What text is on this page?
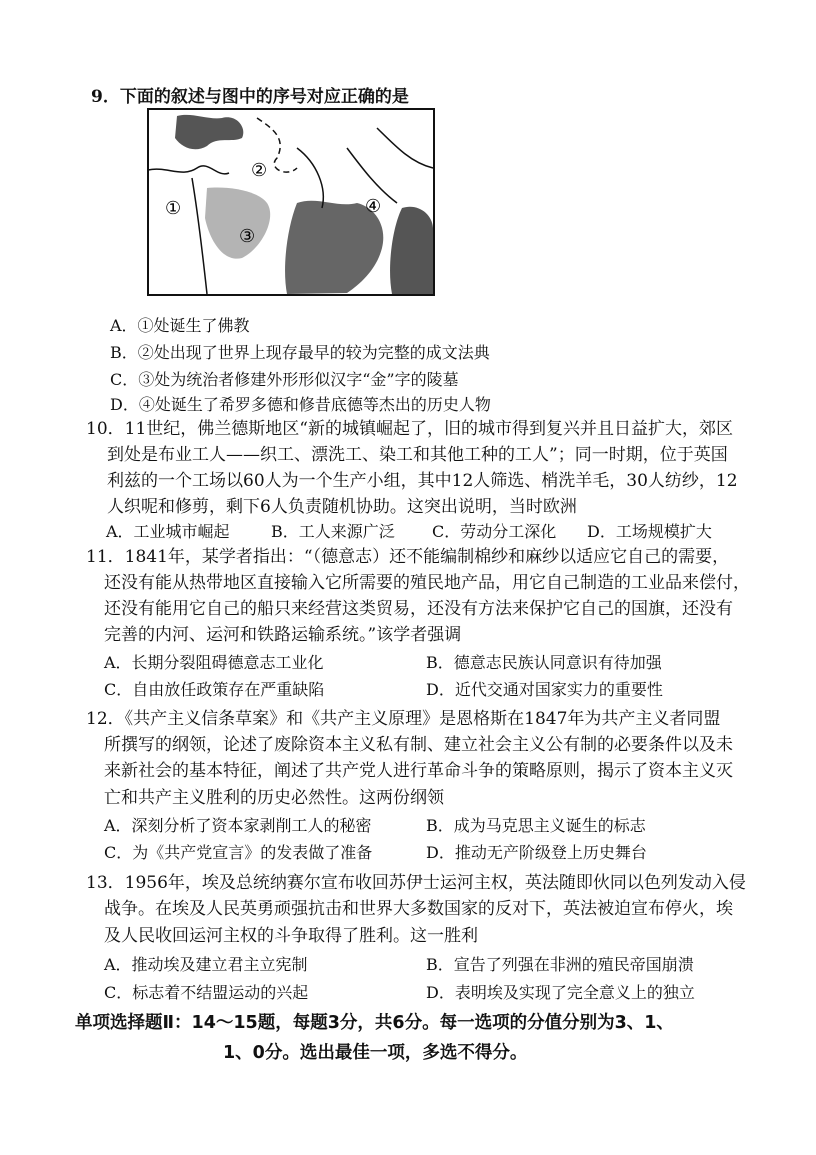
9．下面的叙述与图中的序号对应正确的是
①
②
③
④
A．①处诞生了佛教
B．②处出现了世界上现存最早的较为完整的成文法典
C．③处为统治者修建外形形似汉字“金”字的陵墓
D．④处诞生了希罗多德和修昔底德等杰出的历史人物
10．11世纪，佛兰德斯地区“新的城镇崛起了，旧的城市得到复兴并且日益扩大，郊区
到处是布业工人——织工、漂洗工、染工和其他工种的工人”；同一时期，位于英国
利兹的一个工场以60人为一个生产小组，其中12人筛选、梢洗羊毛，30人纺纱，12
人织呢和修剪，剩下6人负责随机协助。这突出说明，当时欧洲
A．工业城市崛起	B．工人来源广泛 C．劳动分工深化 D．工场规模扩大
11．1841年，某学者指出：“（德意志）还不能编制棉纱和麻纱以适应它自己的需要，
还没有能从热带地区直接输入它所需要的殖民地产品，用它自己制造的工业品来偿付，
还没有能用它自己的船只来经营这类贸易，还没有方法来保护它自己的国旗，还没有
完善的内河、运河和铁路运输系统。”该学者强调
A．长期分裂阻碍德意志工业化	B．德意志民族认同意识有待加强
C．自由放任政策存在严重缺陷	D．近代交通对国家实力的重要性
12．《共产主义信条草案》和《共产主义原理》是恩格斯在1847年为共产主义者同盟
所撰写的纲领，论述了废除资本主义私有制、建立社会主义公有制的必要条件以及未
来新社会的基本特征，阐述了共产党人进行革命斗争的策略原则，揭示了资本主义灭
亡和共产主义胜利的历史必然性。这两份纲领
A．深刻分析了资本家剥削工人的秘密	B．成为马克思主义诞生的标志
C．为《共产党宣言》的发表做了准备	D．推动无产阶级登上历史舞台
13．1956年，埃及总统纳赛尔宣布收回苏伊士运河主权，英法随即伙同以色列发动入侵
战争。在埃及人民英勇顽强抗击和世界大多数国家的反对下，英法被迫宣布停火，埃
及人民收回运河主权的斗争取得了胜利。这一胜利
A．推动埃及建立君主立宪制	B．宣告了列强在非洲的殖民帝国崩溃
C．标志着不结盟运动的兴起	D．表明埃及实现了完全意义上的独立
单项选择题Ⅱ：14～15题，每题3分，共6分。每一选项的分值分别为3、1、
1、0分。选出最佳一项，多选不得分。
